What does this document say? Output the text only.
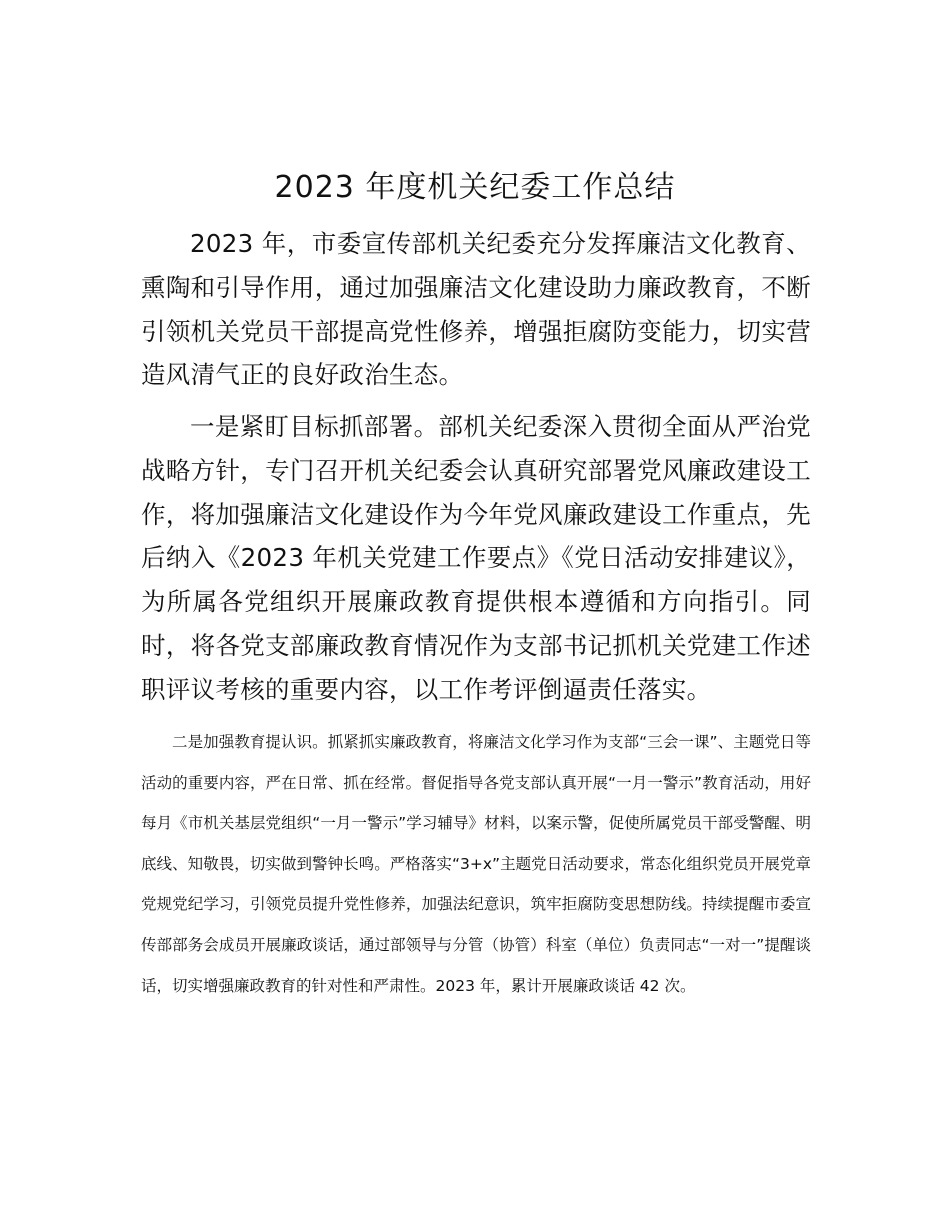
2023 年度机关纪委工作总结

2023 年，市委宣传部机关纪委充分发挥廉洁文化教育、熏陶和引导作用，通过加强廉洁文化建设助力廉政教育，不断引领机关党员干部提高党性修养，增强拒腐防变能力，切实营造风清气正的良好政治生态。

一是紧盯目标抓部署。部机关纪委深入贯彻全面从严治党战略方针，专门召开机关纪委会认真研究部署党风廉政建设工作，将加强廉洁文化建设作为今年党风廉政建设工作重点，先后纳入《2023 年机关党建工作要点》《党日活动安排建议》，为所属各党组织开展廉政教育提供根本遵循和方向指引。同时，将各党支部廉政教育情况作为支部书记抓机关党建工作述职评议考核的重要内容，以工作考评倒逼责任落实。

二是加强教育提认识。抓紧抓实廉政教育，将廉洁文化学习作为支部“三会一课”、主题党日等活动的重要内容，严在日常、抓在经常。督促指导各党支部认真开展“一月一警示”教育活动，用好每月《市机关基层党组织“一月一警示”学习辅导》材料，以案示警，促使所属党员干部受警醒、明底线、知敬畏，切实做到警钟长鸣。严格落实“3+x”主题党日活动要求，常态化组织党员开展党章党规党纪学习，引领党员提升党性修养，加强法纪意识，筑牢拒腐防变思想防线。持续提醒市委宣传部部务会成员开展廉政谈话，通过部领导与分管（协管）科室（单位）负责同志“一对一”提醒谈话，切实增强廉政教育的针对性和严肃性。2023 年，累计开展廉政谈话 42 次。
